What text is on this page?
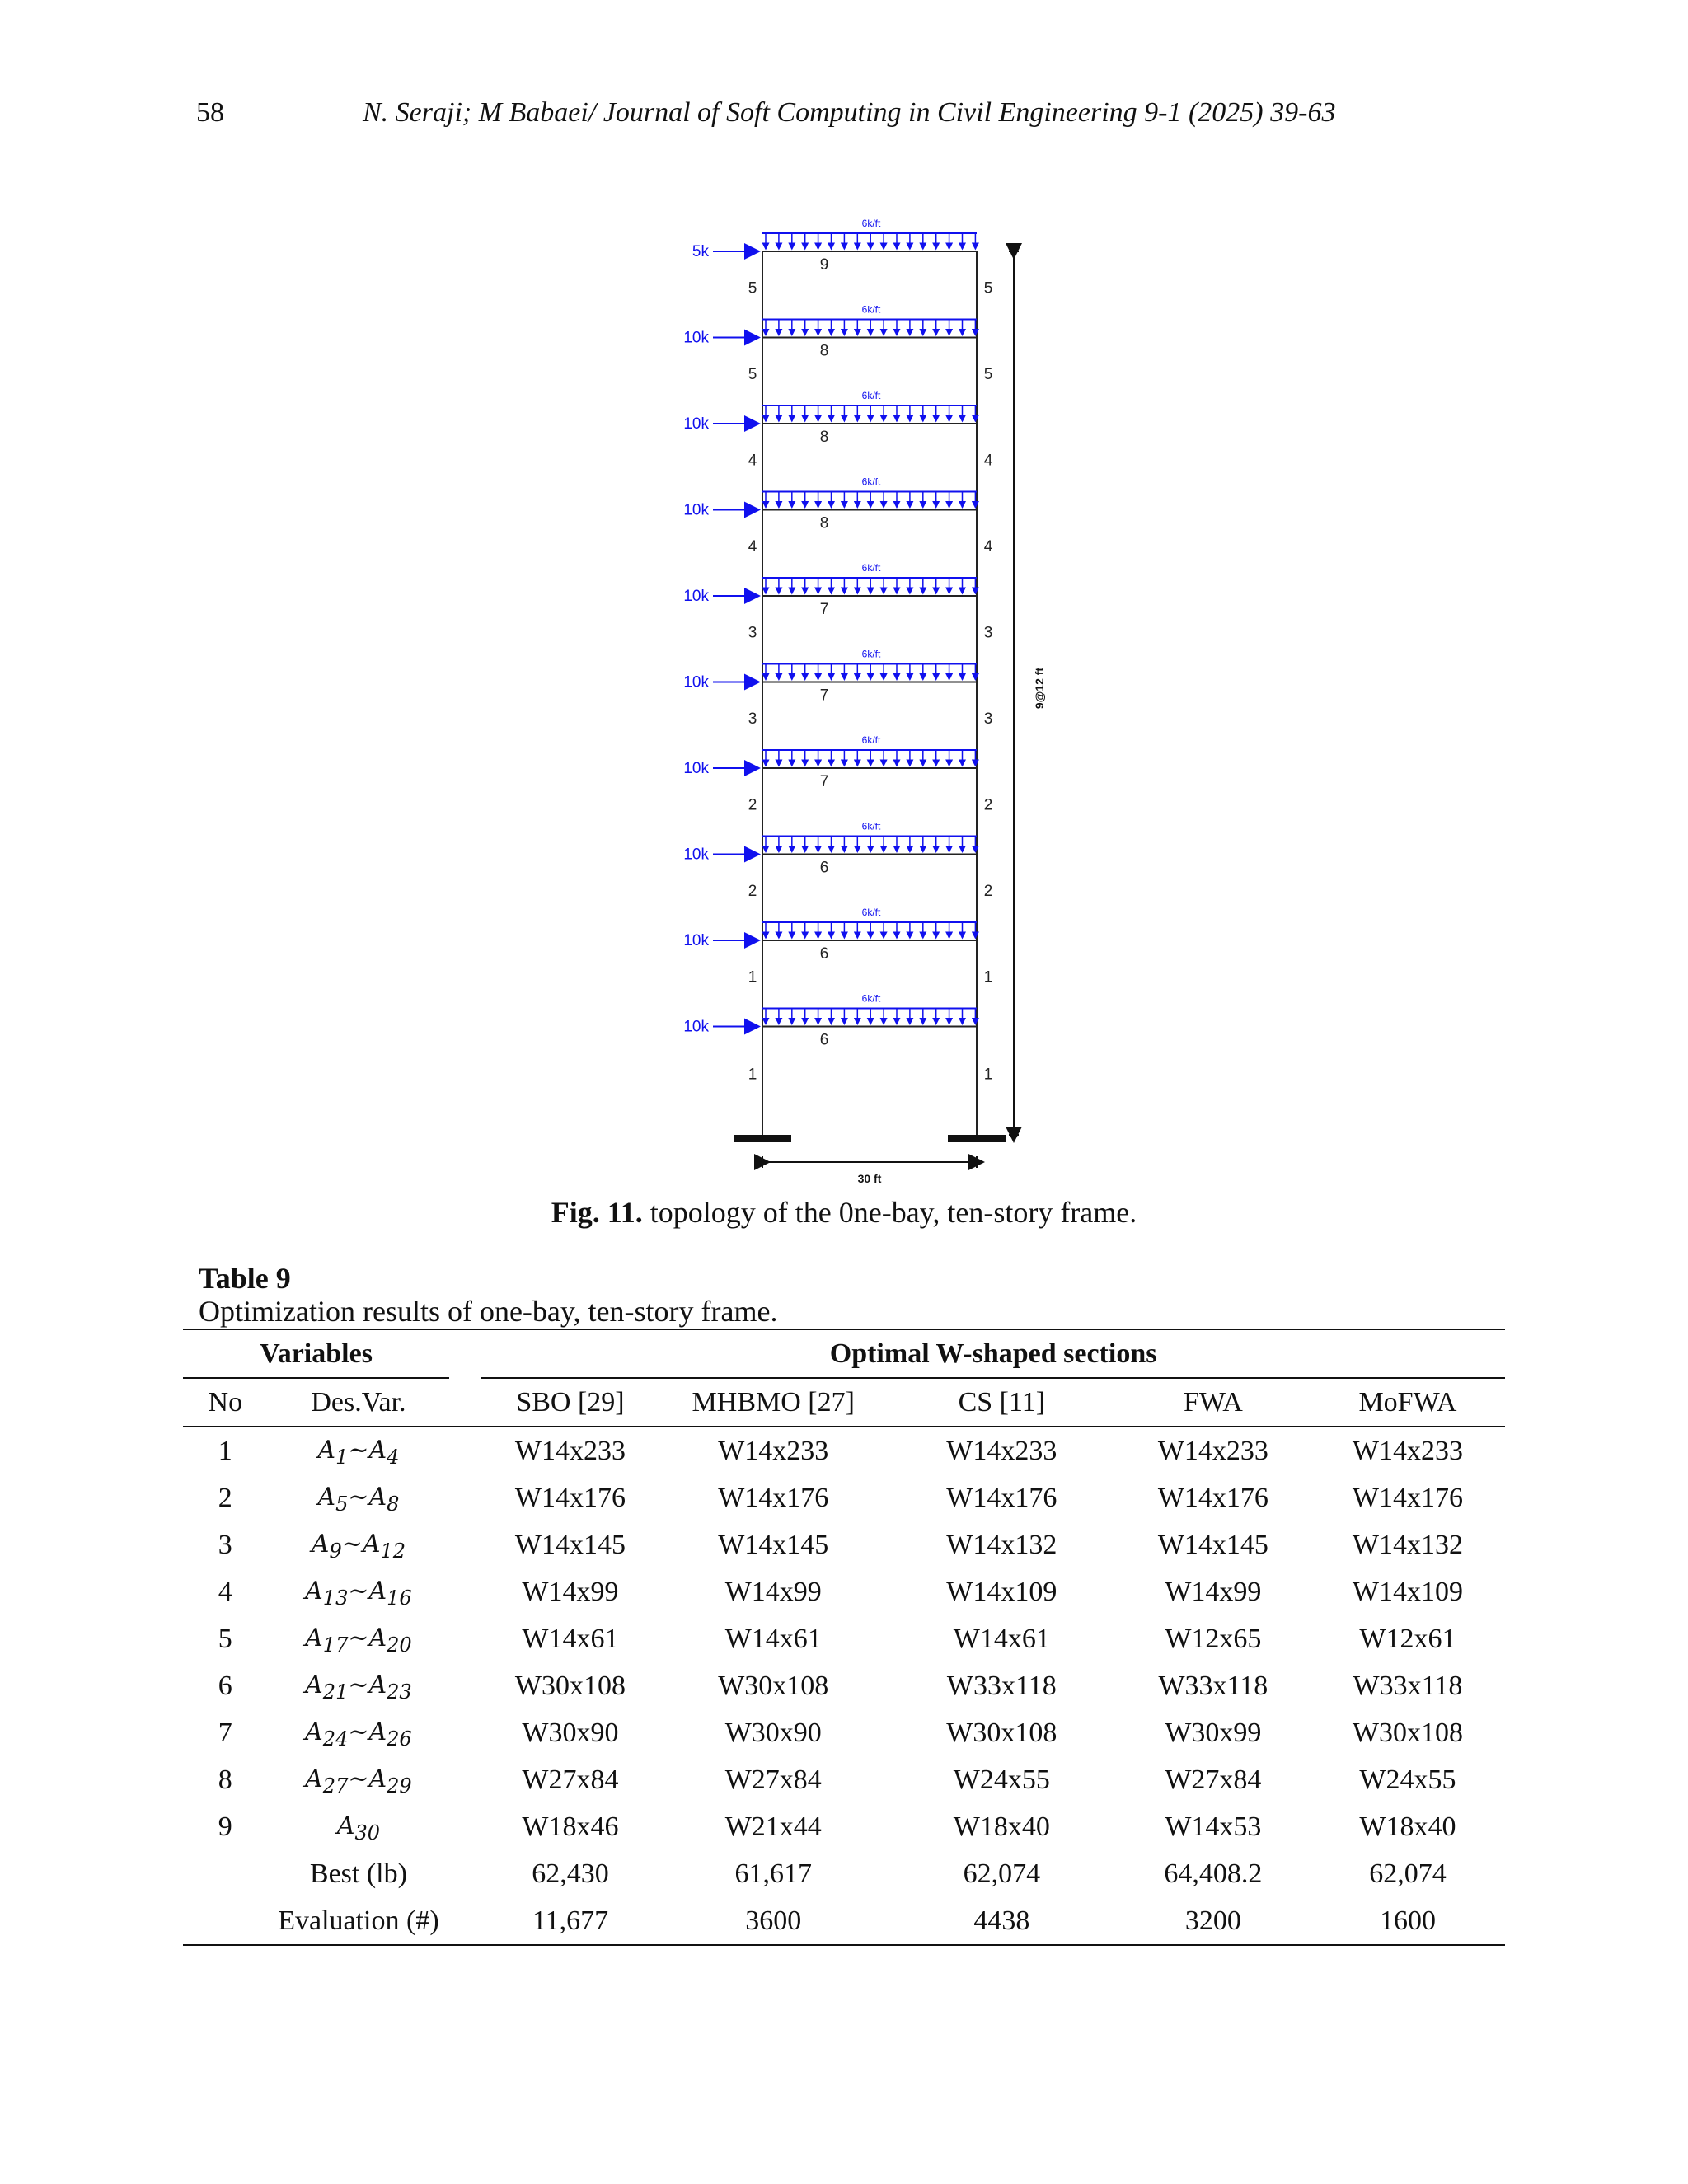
58	N. Seraji; M Babaei/ Journal of Soft Computing in Civil Engineering 9-1 (2025) 39-63
6k/ft
9
5k
5	5
6k/ft
8
10k
5	5
6k/ft
8
10k
4	4
6k/ft
8
10k
4	4
6k/ft
7
10k
3	3
6k/ft
7
10k
3	3
6k/ft
7
10k
2	2
6k/ft
6
10k
2	2
6k/ft
6
10k
1	1
6k/ft
6
10k
1	1
9@12 ft
30 ft
Fig. 11. topology of the 0ne-bay, ten-story frame.
Table 9
Optimization results of one-bay, ten-story frame.
Variables			Optimal W-shaped sections				
No	Des.Var.		SBO [29]	MHBMO [27]	CS [11]	FWA	MoFWA
1	$A_1\sim A_4$		W14x233	W14x233	W14x233	W14x233	W14x233
2	$A_5\sim A_8$		W14x176	W14x176	W14x176	W14x176	W14x176
3	$A_9\sim A_{12}$		W14x145	W14x145	W14x132	W14x145	W14x132
4	$A_{13}\sim A_{16}$		W14x99	W14x99	W14x109	W14x99	W14x109
5	$A_{17}\sim A_{20}$		W14x61	W14x61	W14x61	W12x65	W12x61
6	$A_{21}\sim A_{23}$		W30x108	W30x108	W33x118	W33x118	W33x118
7	$A_{24}\sim A_{26}$		W30x90	W30x90	W30x108	W30x99	W30x108
8	$A_{27}\sim A_{29}$		W27x84	W27x84	W24x55	W27x84	W24x55
9	$A_{30}$		W18x46	W21x44	W18x40	W14x53	W18x40
	Best (lb)		62,430	61,617	62,074	64,408.2	62,074
	Evaluation (#)		11,677	3600	4438	3200	1600
